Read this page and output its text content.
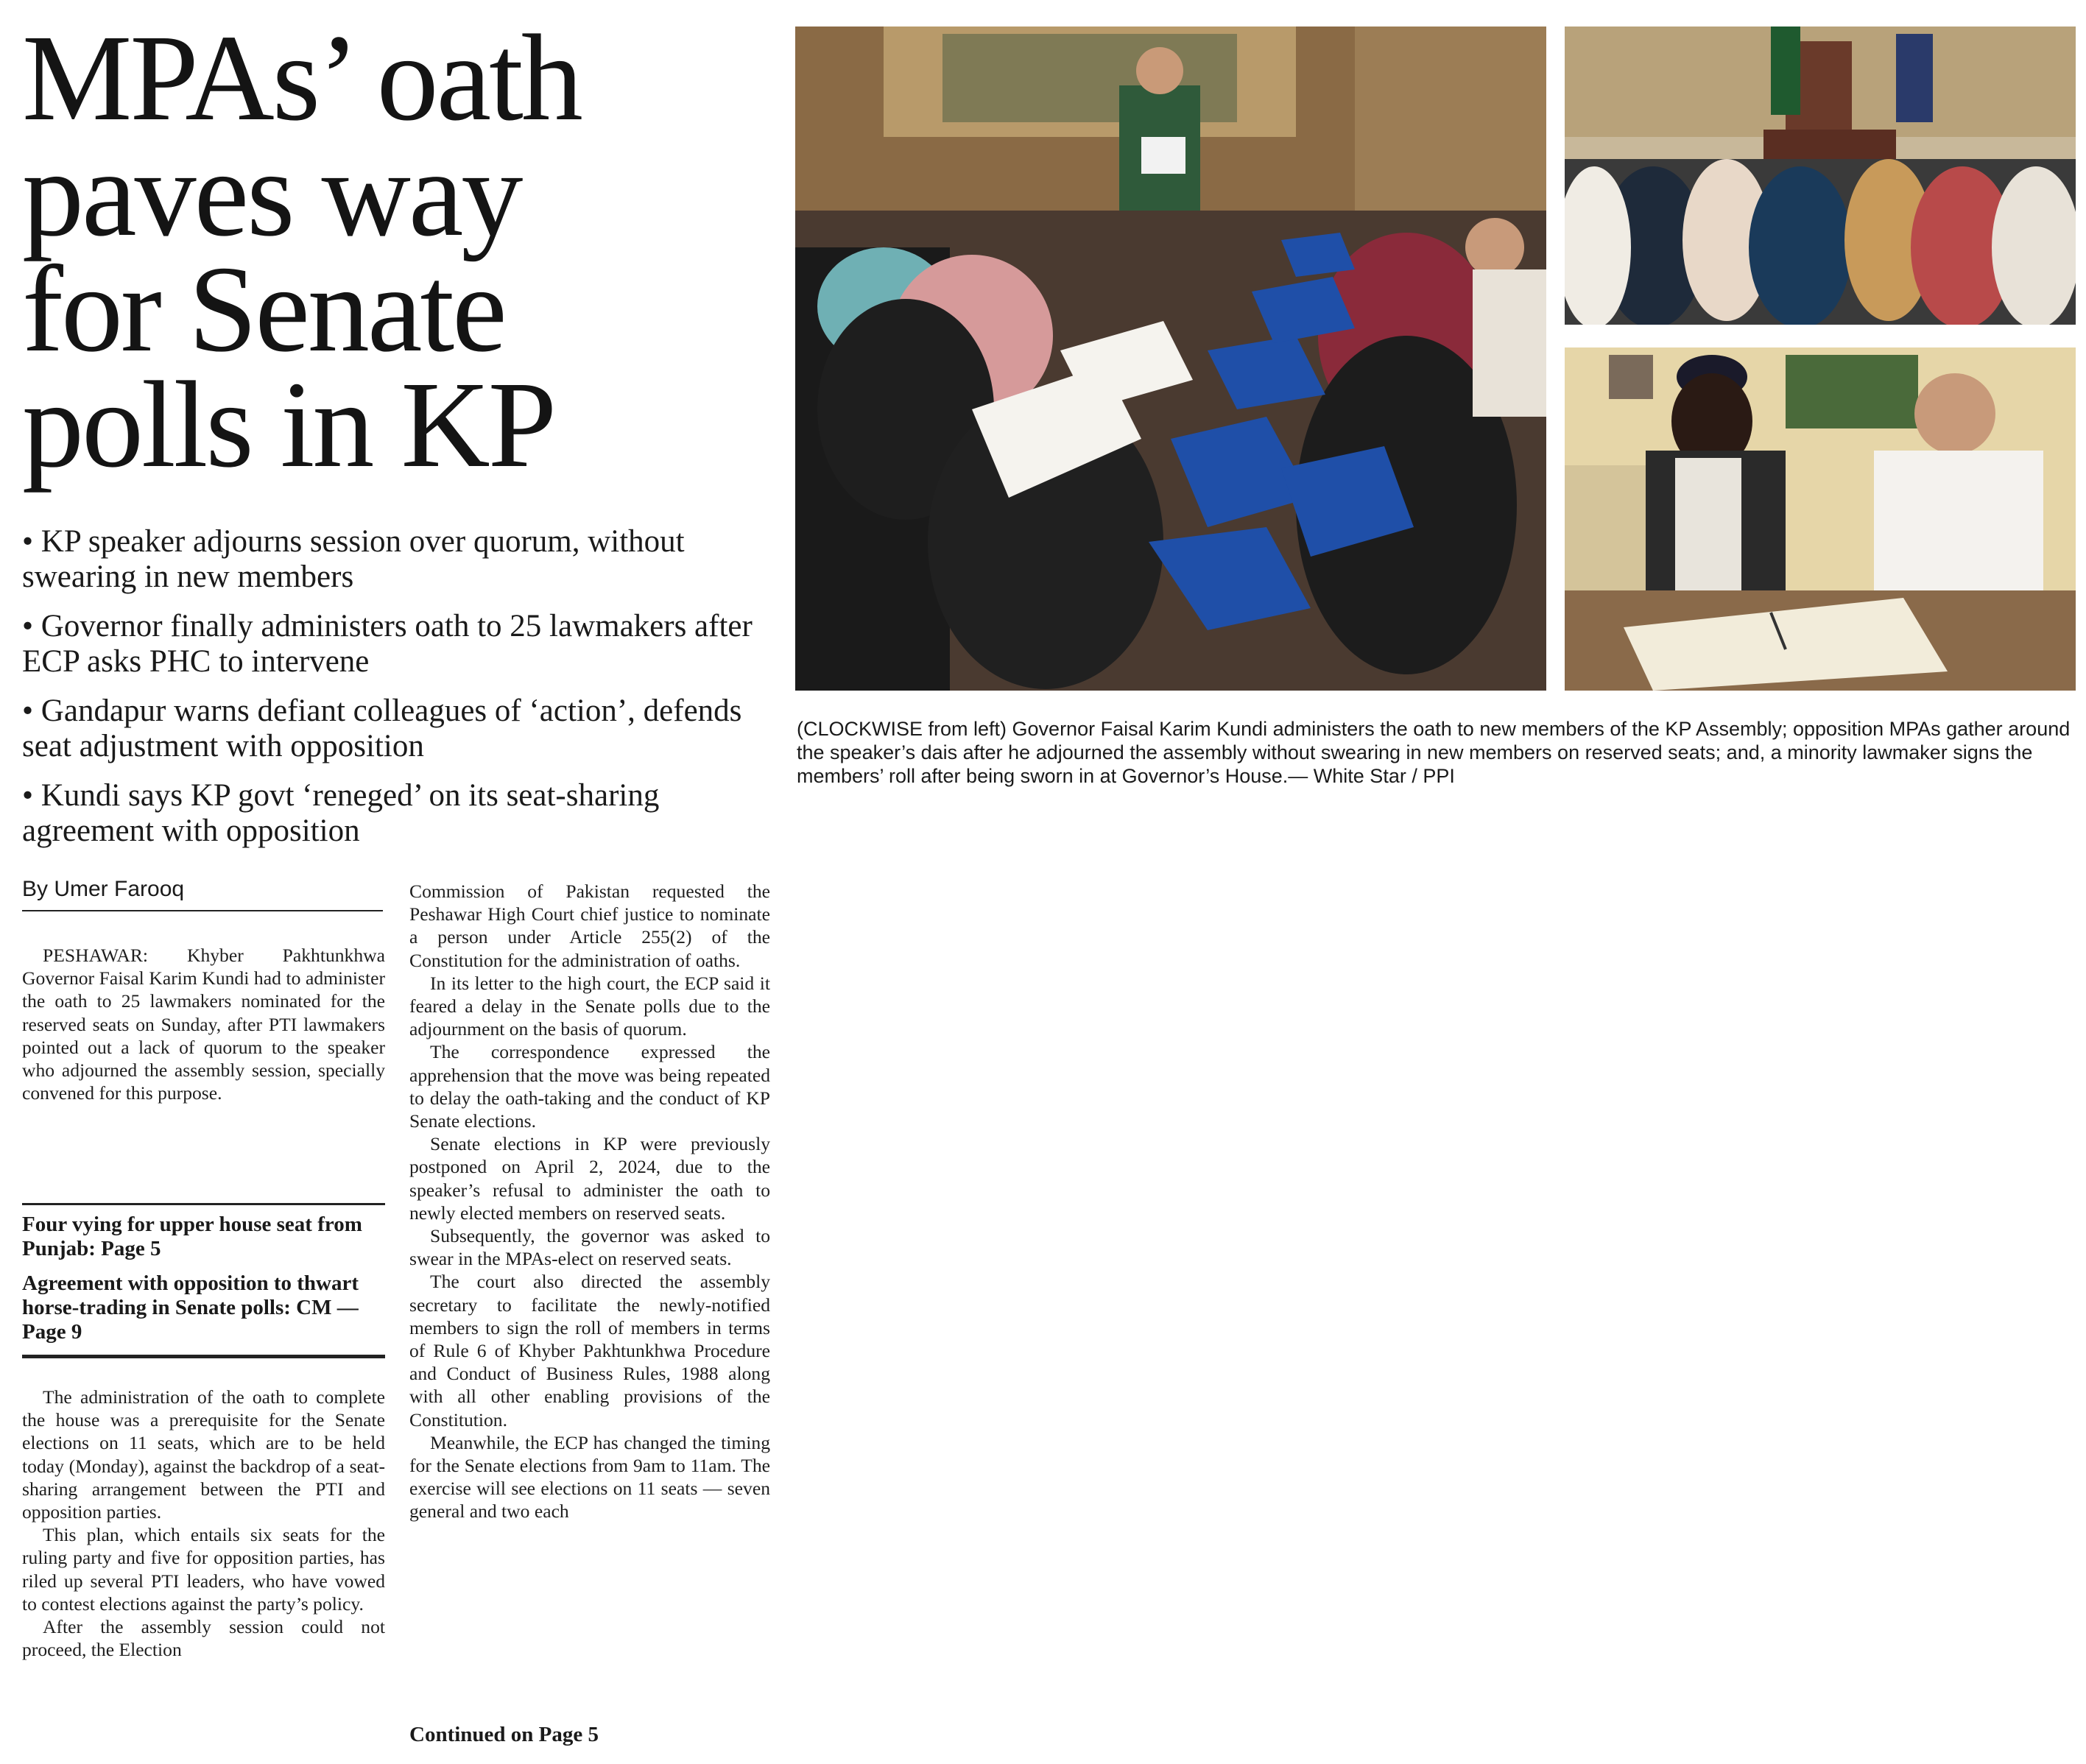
MPAs’ oath
paves way
for Senate
polls in KP
• KP speaker adjourns session over quorum, without swearing in new members
• Governor finally administers oath to 25 lawmakers after ECP asks PHC to intervene
• Gandapur warns defiant colleagues of ‘action’, defends seat adjustment with opposition
• Kundi says KP govt ‘reneged’ on its seat-sharing agreement with opposition
By Umer Farooq

PESHAWAR: Khyber Pakhtunkhwa Governor Faisal Karim Kundi had to administer the oath to 25 lawmakers nominated for the reserved seats on Sunday, after PTI lawmakers pointed out a lack of quorum to the speaker who adjourned the assembly session, specially convened for this purpose.

Four vying for upper house seat from Punjab: Page 5
Agreement with opposition to thwart horse-trading in Senate polls: CM — Page 9

The administration of the oath to complete the house was a prerequisite for the Senate elections on 11 seats, which are to be held today (Monday), against the backdrop of a seat-sharing arrangement between the PTI and opposition parties.

This plan, which entails six seats for the ruling party and five for opposition parties, has riled up several PTI leaders, who have vowed to contest elections against the party’s policy.

After the assembly session could not proceed, the Election

Commission of Pakistan requested the Peshawar High Court chief justice to nominate a person under Article 255(2) of the Constitution for the administration of oaths.

In its letter to the high court, the ECP said it feared a delay in the Senate polls due to the adjournment on the basis of quorum.

The correspondence expressed the apprehension that the move was being repeated to delay the oath-taking and the conduct of KP Senate elections.

Senate elections in KP were previously postponed on April 2, 2024, due to the speaker’s refusal to administer the oath to newly elected members on reserved seats.

Subsequently, the governor was asked to swear in the MPAs-elect on reserved seats.

The court also directed the assembly secretary to facilitate the newly-notified members to sign the roll of members in terms of Rule 6 of Khyber Pakhtunkhwa Procedure and Conduct of Business Rules, 1988 along with all other enabling provisions of the Constitution.

Meanwhile, the ECP has changed the timing for the Senate elections from 9am to 11am. The exercise will see elections on 11 seats — seven general and two each

Continued on Page 5
(CLOCKWISE from left) Governor Faisal Karim Kundi administers the oath to new members of the KP Assembly; opposition MPAs gather around the speaker’s dais after he adjourned the assembly without swearing in new members on reserved seats; and, a minority lawmaker signs the members’ roll after being sworn in at Governor’s House.— White Star / PPI
